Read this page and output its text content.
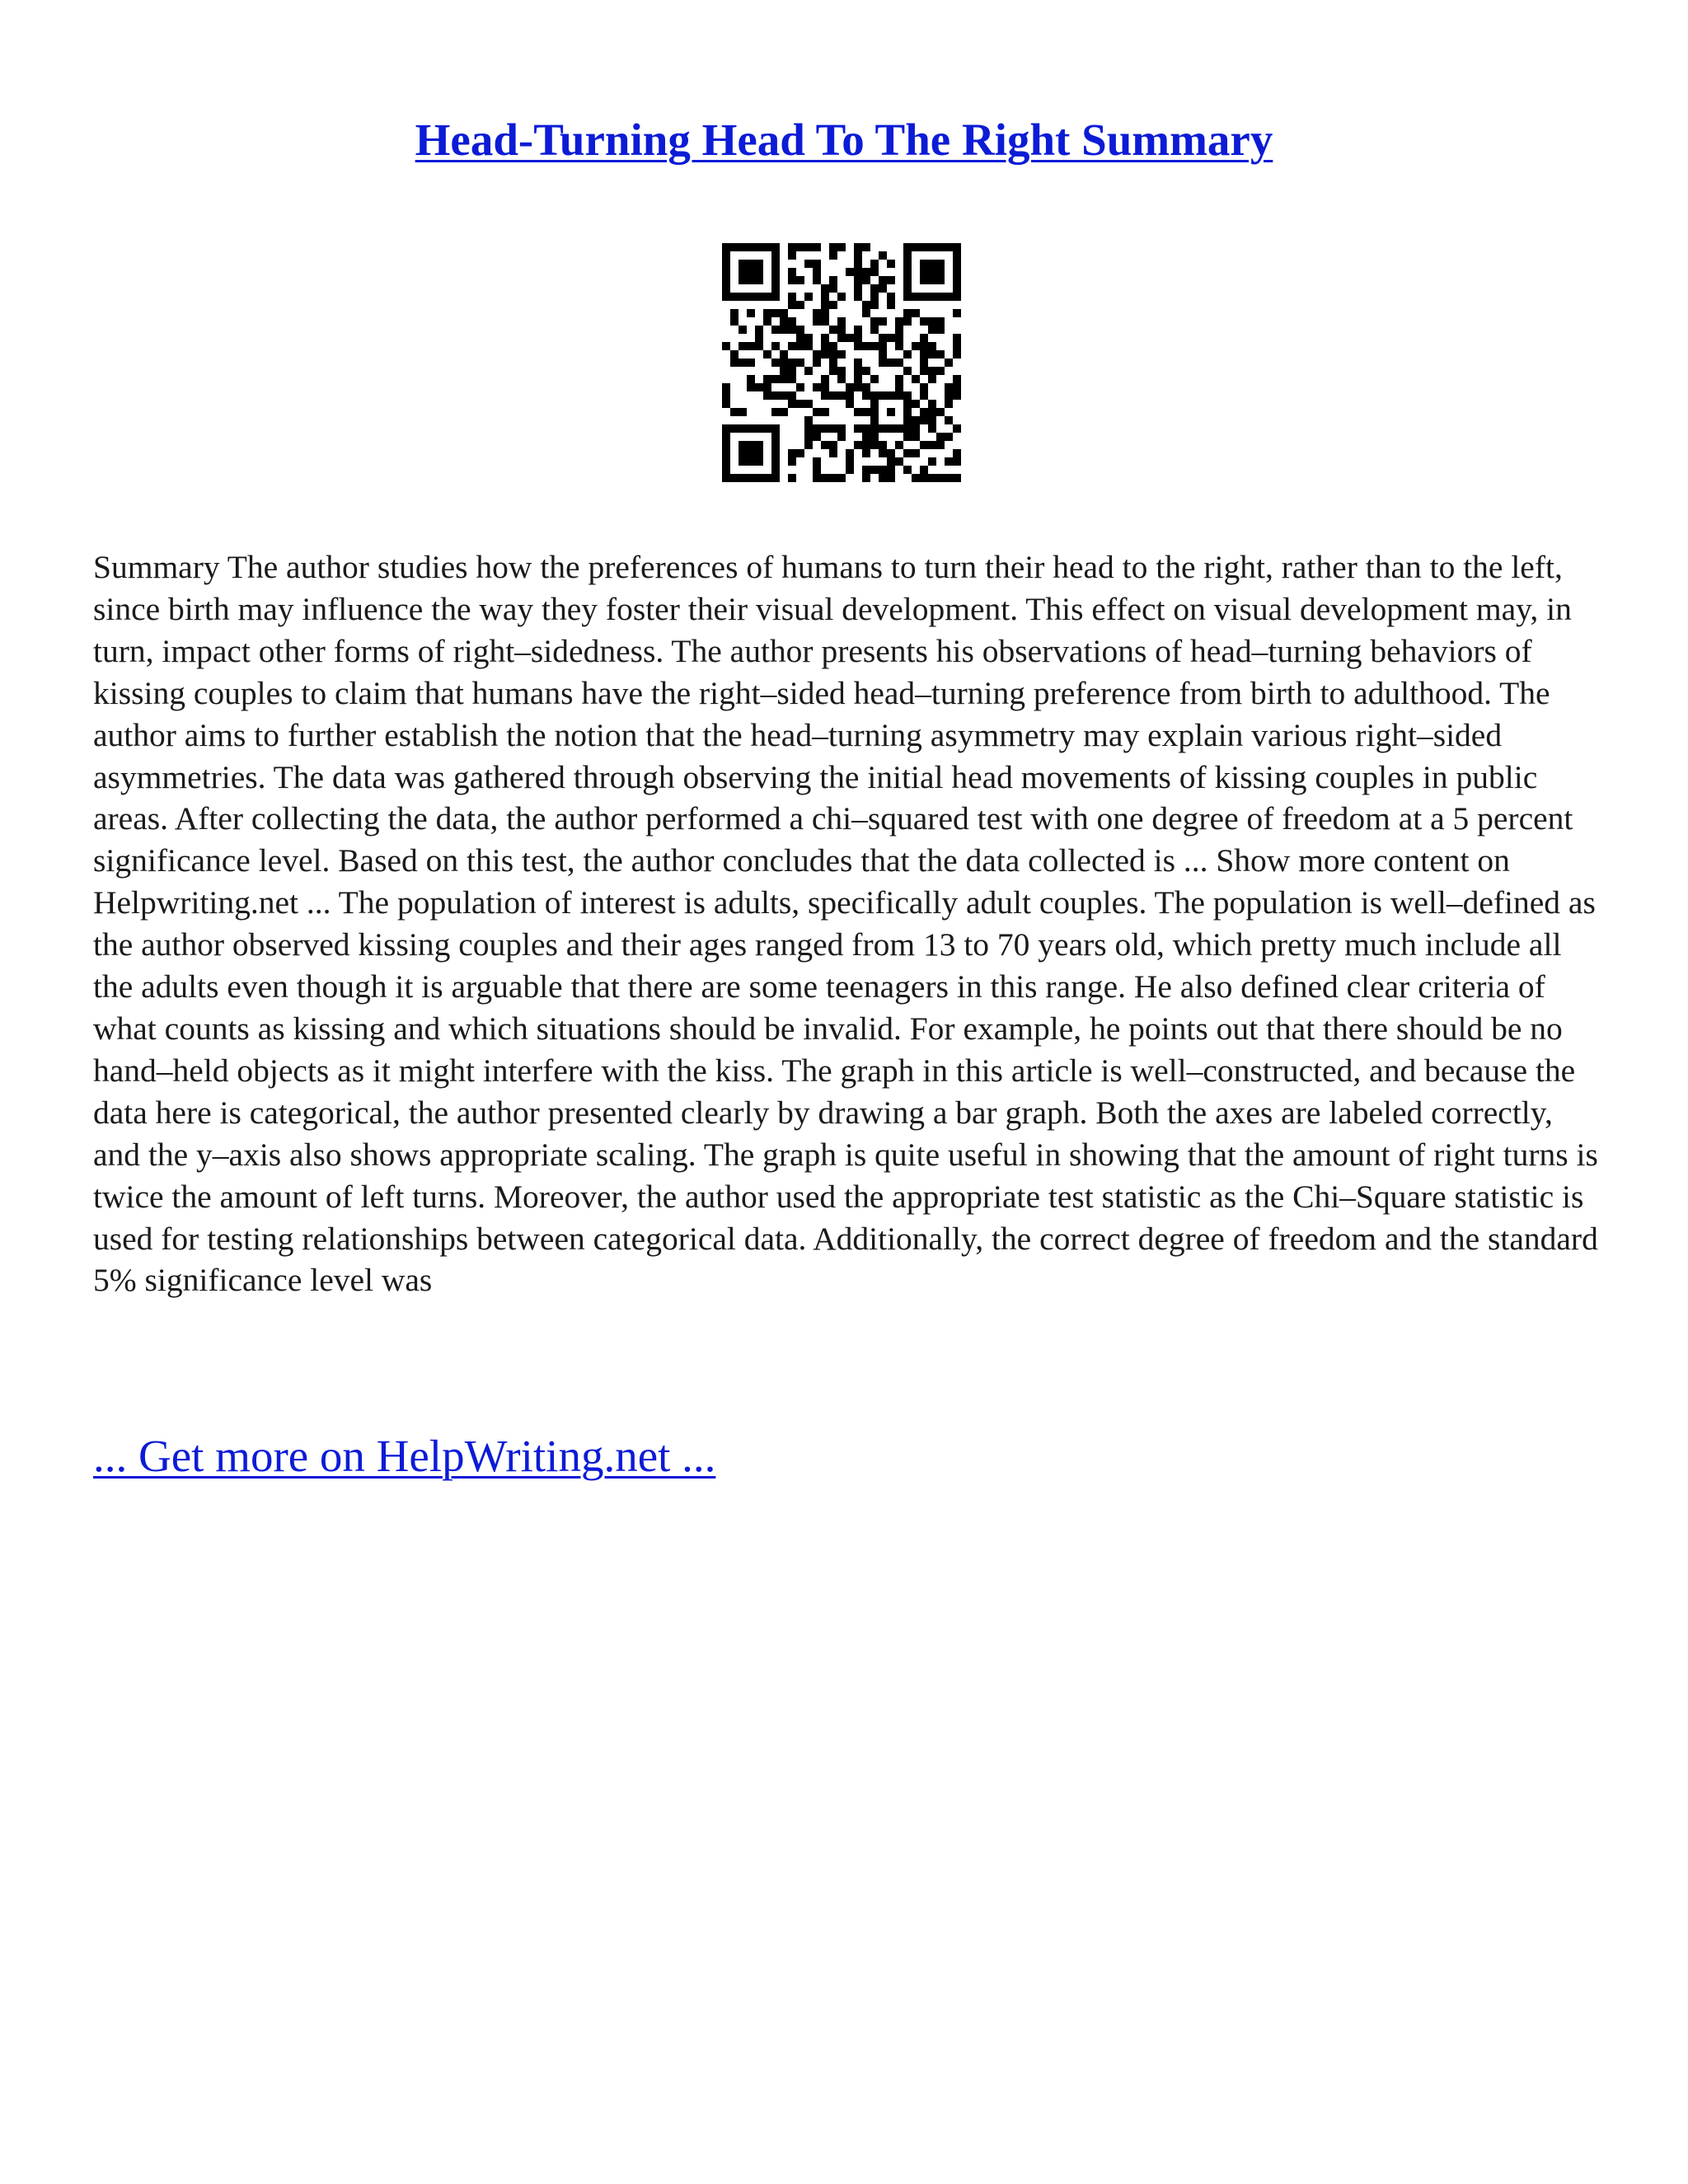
Head-Turning Head To The Right Summary

Summary The author studies how the preferences of humans to turn their head to the right, rather than to the left, since birth may influence the way they foster their visual development. This effect on visual development may, in turn, impact other forms of right–sidedness. The author presents his observations of head–turning behaviors of kissing couples to claim that humans have the right–sided head–turning preference from birth to adulthood. The author aims to further establish the notion that the head–turning asymmetry may explain various right–sided asymmetries. The data was gathered through observing the initial head movements of kissing couples in public areas. After collecting the data, the author performed a chi–squared test with one degree of freedom at a 5 percent significance level. Based on this test, the author concludes that the data collected is ... Show more content on Helpwriting.net ... The population of interest is adults, specifically adult couples. The population is well–defined as the author observed kissing couples and their ages ranged from 13 to 70 years old, which pretty much include all the adults even though it is arguable that there are some teenagers in this range. He also defined clear criteria of what counts as kissing and which situations should be invalid. For example, he points out that there should be no hand–held objects as it might interfere with the kiss. The graph in this article is well–constructed, and because the data here is categorical, the author presented clearly by drawing a bar graph. Both the axes are labeled correctly, and the y–axis also shows appropriate scaling. The graph is quite useful in showing that the amount of right turns is twice the amount of left turns. Moreover, the author used the appropriate test statistic as the Chi–Square statistic is used for testing relationships between categorical data. Additionally, the correct degree of freedom and the standard 5% significance level was

... Get more on HelpWriting.net ...
